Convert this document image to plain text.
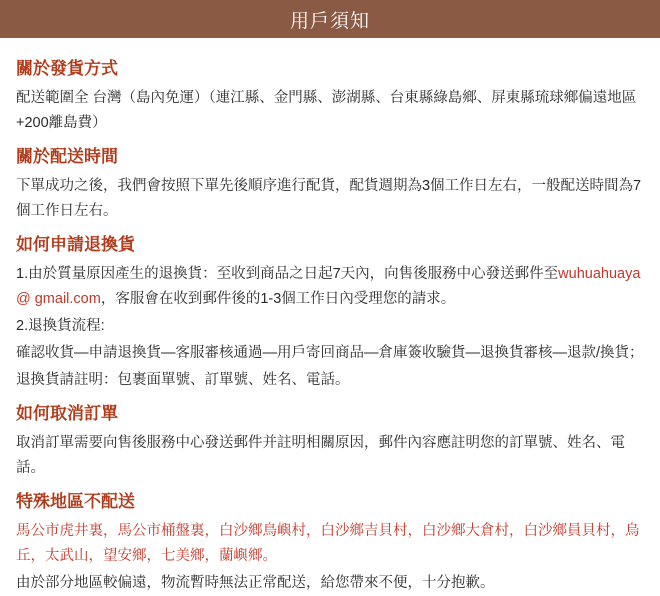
用戶須知
關於發貨方式

配送範圍全 台灣（島內免運）（連江縣、金門縣、澎湖縣、台東縣綠島鄉、屏東縣琉球鄉偏遠地區+200離島費）

關於配送時間

下單成功之後，我們會按照下單先後順序進行配貨，配貨週期為3個工作日左右，一般配送時間為7個工作日左右。

如何申請退換貨

1.由於質量原因產生的退換貨：至收到商品之日起7天內，向售後服務中心發送郵件至wuhuahuaya @ gmail.com，客服會在收到郵件後的1-3個工作日內受理您的請求。

2.退換貨流程:

確認收貨—申請退換貨—客服審核通過—用戶寄回商品—倉庫簽收驗貨—退換貨審核—退款/換貨；

退換貨請註明：包裹面單號、訂單號、姓名、電話。

如何取消訂單

取消訂單需要向售後服務中心發送郵件并註明相關原因，郵件內容應註明您的訂單號、姓名、電話。

特殊地區不配送

馬公市虎井裏，馬公市桶盤裏，白沙鄉鳥嶼村，白沙鄉吉貝村，白沙鄉大倉村，白沙鄉員貝村，烏丘，太武山，望安鄉，七美鄉，蘭嶼鄉。

由於部分地區較偏遠，物流暫時無法正常配送，給您帶來不便，十分抱歉。
